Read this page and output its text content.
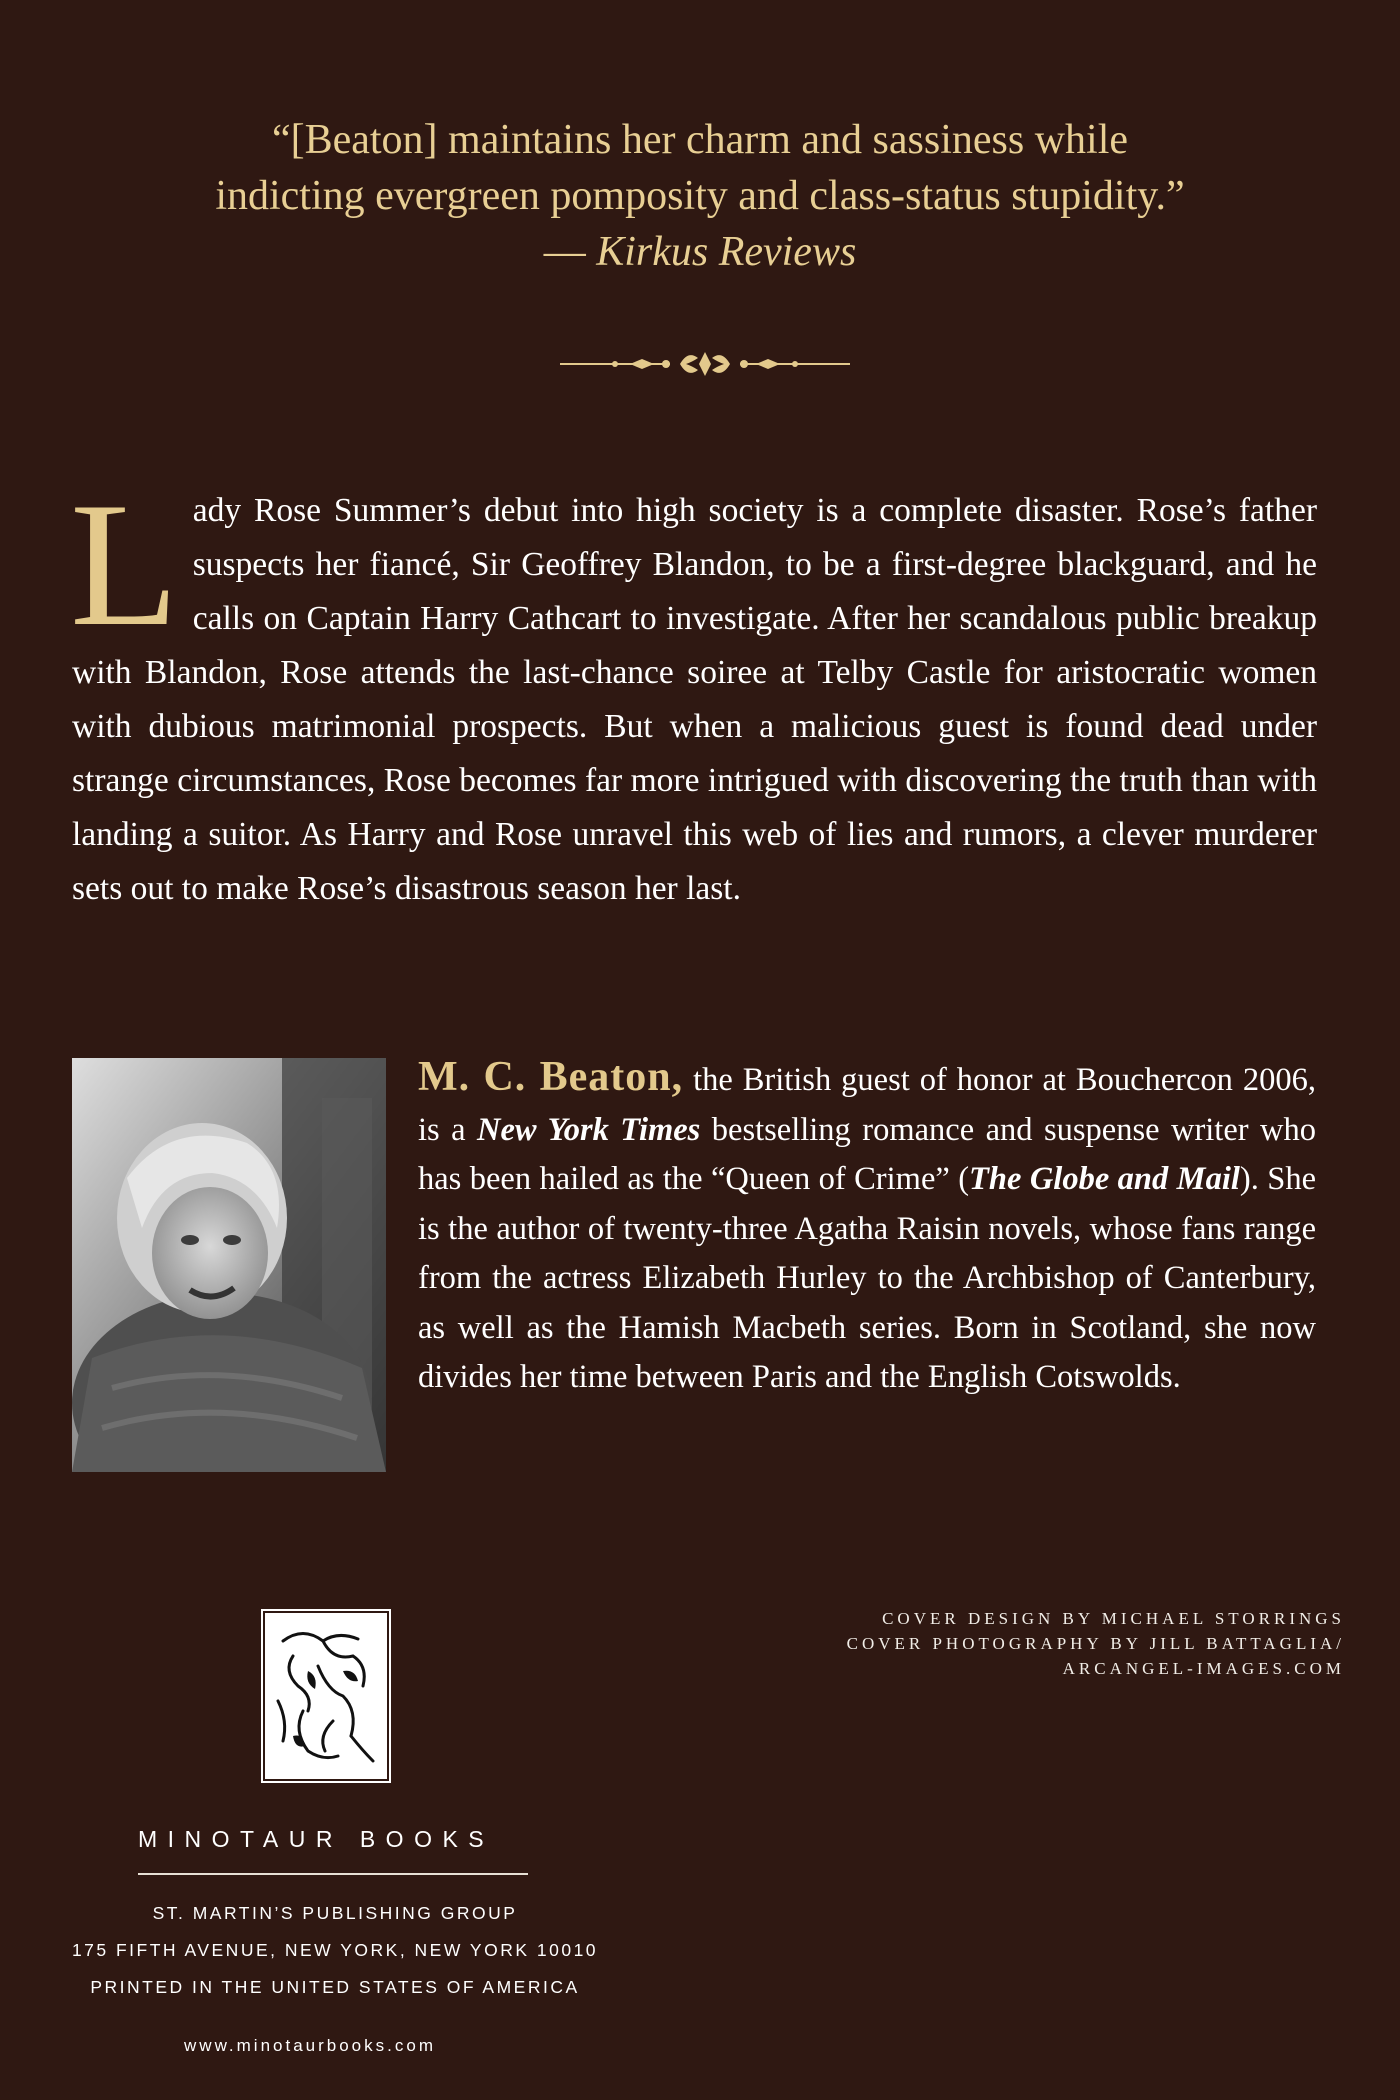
“[Beaton] maintains her charm and sassiness while
indicting evergreen pomposity and class-status stupidity.”
— Kirkus Reviews
Lady Rose Summer’s debut into high society is a complete disaster. Rose’s father suspects her fiancé, Sir Geoffrey Blandon, to be a first-degree blackguard, and he calls on Captain Harry Cathcart to investigate. After her scandalous public breakup with Blandon, Rose attends the last-chance soiree at Telby Castle for aristocratic women with dubious matrimonial prospects. But when a malicious guest is found dead under strange circumstances, Rose becomes far more intrigued with discovering the truth than with landing a suitor. As Harry and Rose unravel this web of lies and rumors, a clever murderer sets out to make Rose’s disastrous season her last.
M. C. Beaton, the British guest of honor at Bouchercon 2006, is a New York Times bestselling romance and suspense writer who has been hailed as the “Queen of Crime” (The Globe and Mail). She is the author of twenty-three Agatha Raisin novels, whose fans range from the actress Elizabeth Hurley to the Archbishop of Canterbury, as well as the Hamish Macbeth series. Born in Scotland, she now divides her time between Paris and the English Cotswolds.
COVER DESIGN BY MICHAEL STORRINGS
COVER PHOTOGRAPHY BY JILL BATTAGLIA/
ARCANGEL-IMAGES.COM
MINOTAUR BOOKS
ST. MARTIN’S PUBLISHING GROUP
175 FIFTH AVENUE, NEW YORK, NEW YORK 10010
PRINTED IN THE UNITED STATES OF AMERICA
www.minotaurbooks.com
